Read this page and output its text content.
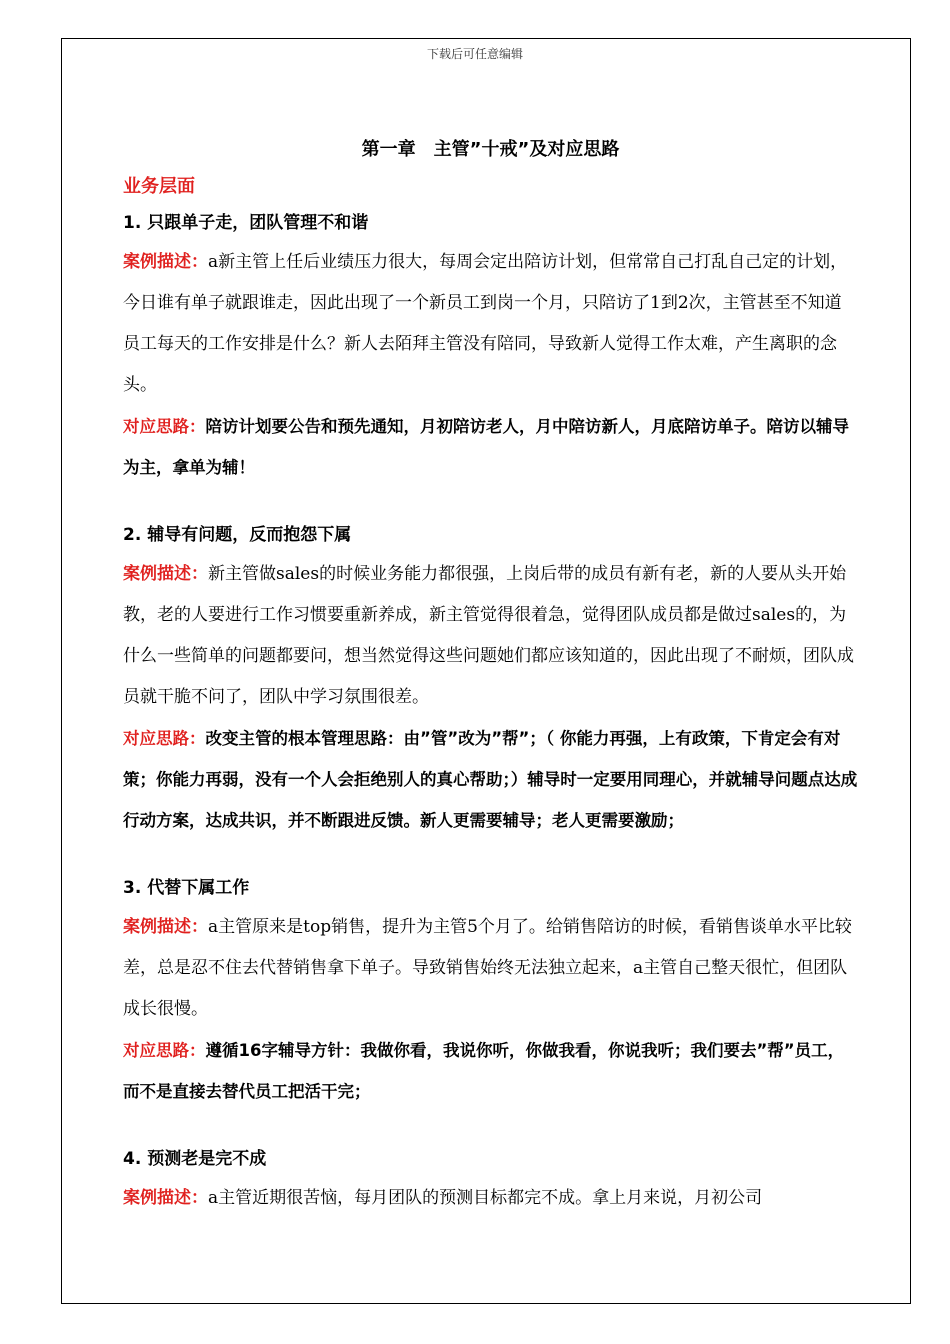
下载后可任意编辑
第一章　主管”十戒”及对应思路
业务层面
1. 只跟单子走，团队管理不和谐

案例描述：a新主管上任后业绩压力很大，每周会定出陪访计划，但常常自己打乱自己定的计划，今日谁有单子就跟谁走，因此出现了一个新员工到岗一个月，只陪访了1到2次，主管甚至不知道员工每天的工作安排是什么？新人去陌拜主管没有陪同，导致新人觉得工作太难，产生离职的念头。

对应思路：陪访计划要公告和预先通知，月初陪访老人，月中陪访新人，月底陪访单子。陪访以辅导为主，拿单为辅！

2. 辅导有问题，反而抱怨下属

案例描述：新主管做sales的时候业务能力都很强，上岗后带的成员有新有老，新的人要从头开始教，老的人要进行工作习惯要重新养成，新主管觉得很着急，觉得团队成员都是做过sales的，为什么一些简单的问题都要问，想当然觉得这些问题她们都应该知道的，因此出现了不耐烦，团队成员就干脆不问了，团队中学习氛围很差。

对应思路：改变主管的根本管理思路：由”管”改为”帮”；（ 你能力再强，上有政策，下肯定会有对策；你能力再弱，没有一个人会拒绝别人的真心帮助；）辅导时一定要用同理心，并就辅导问题点达成行动方案，达成共识，并不断跟进反馈。新人更需要辅导；老人更需要激励；

3. 代替下属工作

案例描述：a主管原来是top销售，提升为主管5个月了。给销售陪访的时候，看销售谈单水平比较差，总是忍不住去代替销售拿下单子。导致销售始终无法独立起来，a主管自己整天很忙，但团队成长很慢。

对应思路：遵循16字辅导方针：我做你看，我说你听，你做我看，你说我听；我们要去”帮”员工，而不是直接去替代员工把活干完；

4. 预测老是完不成

案例描述：a主管近期很苦恼，每月团队的预测目标都完不成。拿上月来说，月初公司
